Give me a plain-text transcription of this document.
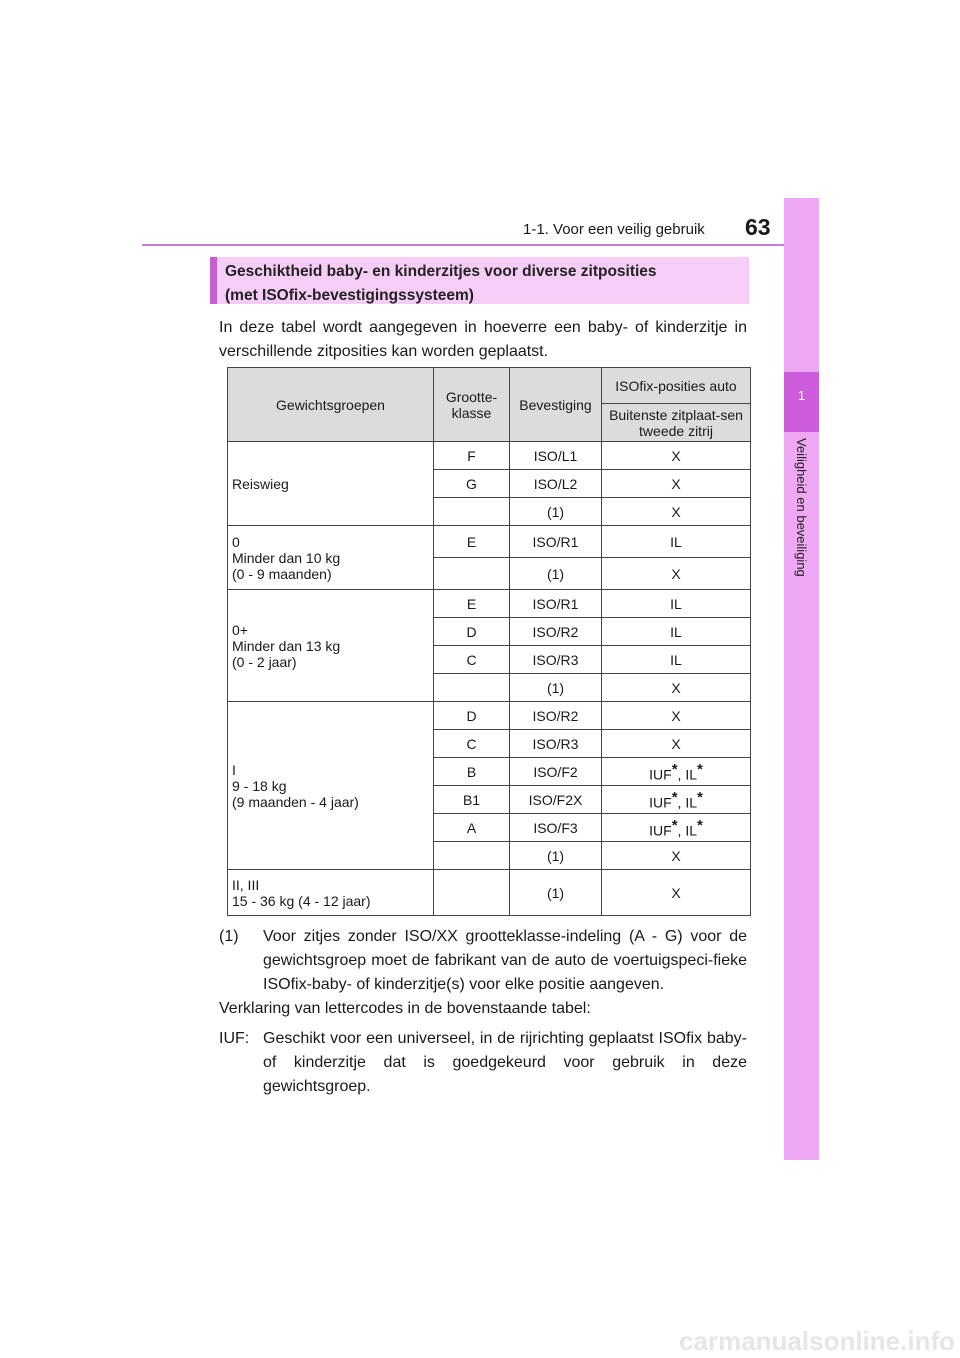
63
1-1. Voor een veilig gebruik
1
Veiligheid en beveiliging
Geschiktheid baby- en kinderzitjes voor diverse zitposities
(met ISOfix-bevestigingssysteem)

In deze tabel wordt aangegeven in hoeverre een baby- of kinderzitje in verschillende zitposities kan worden geplaatst.

Gewichtsgroepen	Grootte-klasse	Bevestiging	ISOfix-posities auto
			Buitenste zitplaat-sen tweede zitrij

Reiswieg	F	ISO/L1	X
	G	ISO/L2	X
		(1)	X

0
Minder dan 10 kg
(0 - 9 maanden)	E	ISO/R1	IL
		(1)	X

0+
Minder dan 13 kg
(0 - 2 jaar)	E	ISO/R1	IL
	D	ISO/R2	IL
	C	ISO/R3	IL
		(1)	X

I
9 - 18 kg
(9 maanden - 4 jaar)	D	ISO/R2	X
	C	ISO/R3	X
	B	ISO/F2	IUF*, IL*
	B1	ISO/F2X	IUF*, IL*
	A	ISO/F3	IUF*, IL*
		(1)	X

II, III
15 - 36 kg (4 - 12 jaar)		(1)	X
(1) Voor zitjes zonder ISO/XX grootteklasse-indeling (A - G) voor de gewichtsgroep moet de fabrikant van de auto de voertuigspeci-fieke ISOfix-baby- of kinderzitje(s) voor elke positie aangeven.
Verklaring van lettercodes in de bovenstaande tabel:
IUF: Geschikt voor een universeel, in de rijrichting geplaatst ISOfix baby- of kinderzitje dat is goedgekeurd voor gebruik in deze gewichtsgroep.
carmanualsonline.info
